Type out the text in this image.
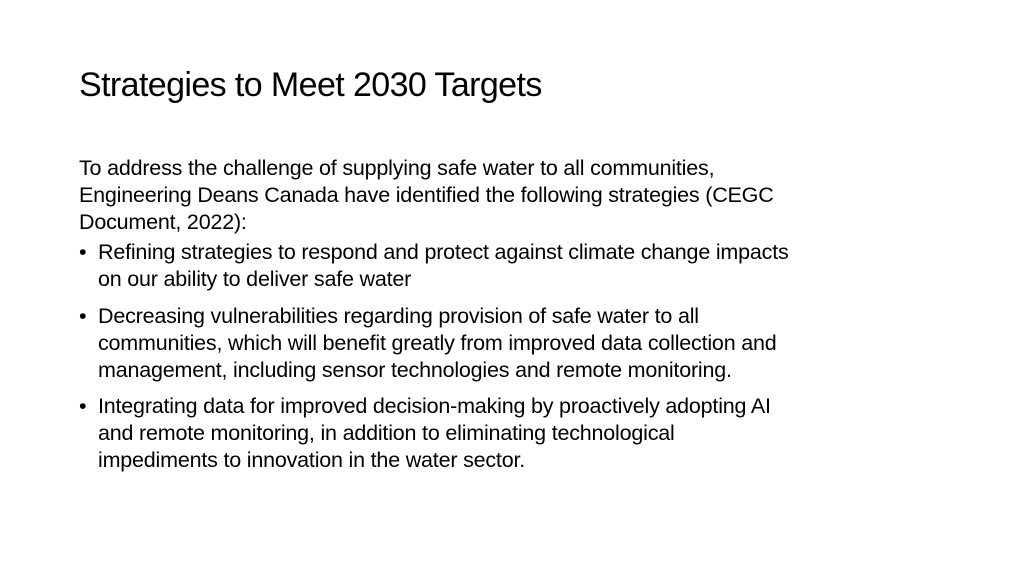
Strategies to Meet 2030 Targets

To address the challenge of supplying safe water to all communities,
Engineering Deans Canada have identified the following strategies (CEGC
Document, 2022):

• Refining strategies to respond and protect against climate change impacts
on our ability to deliver safe water
• Decreasing vulnerabilities regarding provision of safe water to all
communities, which will benefit greatly from improved data collection and
management, including sensor technologies and remote monitoring.
• Integrating data for improved decision-making by proactively adopting AI
and remote monitoring, in addition to eliminating technological
impediments to innovation in the water sector.
